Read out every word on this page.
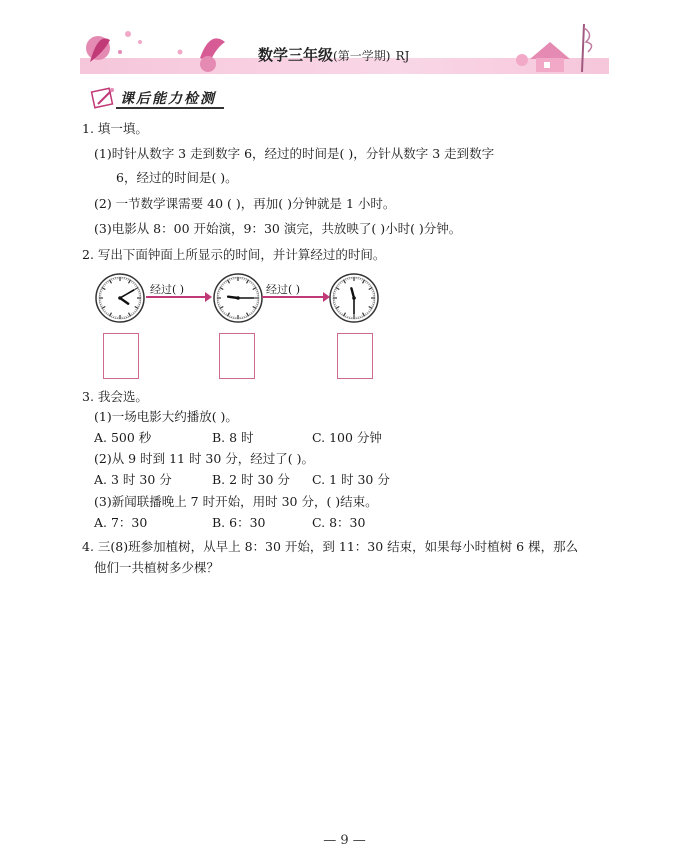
数学三年级(第一学期) RJ
课后能力检测
1. 填一填。
(1)时针从数字 3 走到数字 6，经过的时间是( )，分针从数字 3 走到数字
6，经过的时间是( )。
(2) 一节数学课需要 40 ( )，再加( )分钟就是 1 小时。
(3)电影从 8：00 开始演，9：30 演完，共放映了( )小时( )分钟。
2. 写出下面钟面上所显示的时间，并计算经过的时间。
经过( )	经过( )
3. 我会选。
(1)一场电影大约播放( )。
A. 500 秒	B. 8 时	C. 100 分钟
(2)从 9 时到 11 时 30 分，经过了( )。
A. 3 时 30 分	B. 2 时 30 分 C. 1 时 30 分
(3)新闻联播晚上 7 时开始，用时 30 分，( )结束。
A. 7：30	B. 6：30	C. 8：30
4. 三(8)班参加植树，从早上 8：30 开始，到 11：30 结束，如果每小时植树 6 棵，那么
他们一共植树多少棵？
— 9 —
